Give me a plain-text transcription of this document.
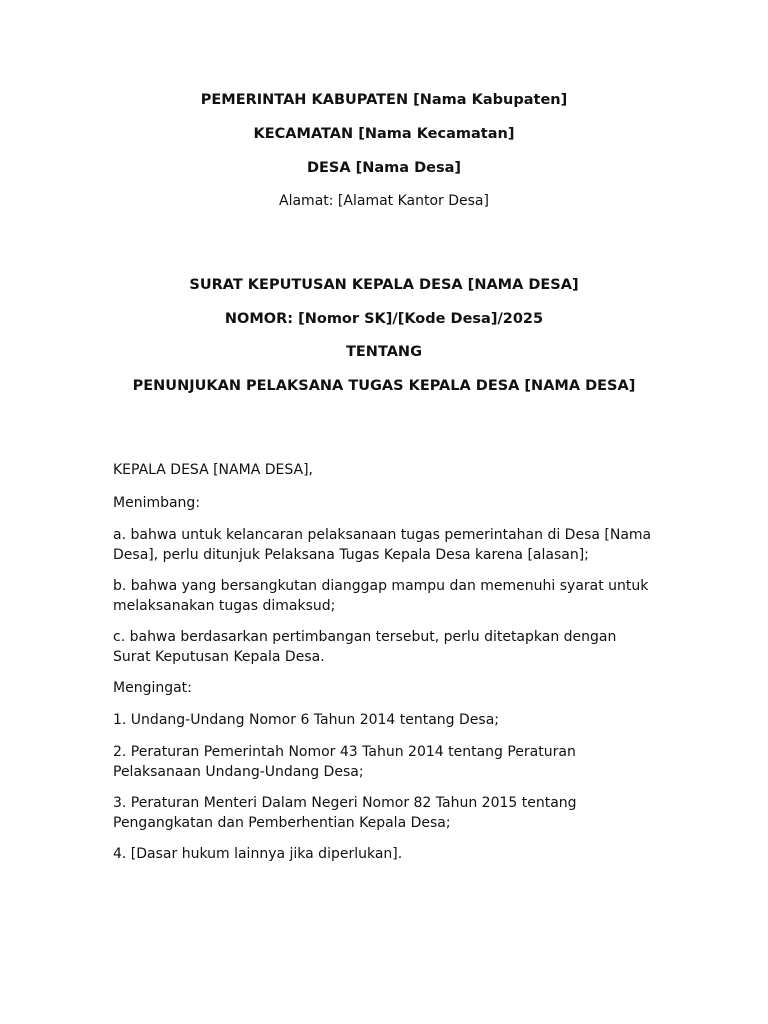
PEMERINTAH KABUPATEN [Nama Kabupaten]
KECAMATAN [Nama Kecamatan]
DESA [Nama Desa]
Alamat: [Alamat Kantor Desa]
SURAT KEPUTUSAN KEPALA DESA [NAMA DESA]
NOMOR: [Nomor SK]/[Kode Desa]/2025
TENTANG
PENUNJUKAN PELAKSANA TUGAS KEPALA DESA [NAMA DESA]
KEPALA DESA [NAMA DESA],
Menimbang:
a. bahwa untuk kelancaran pelaksanaan tugas pemerintahan di Desa [Nama Desa], perlu ditunjuk Pelaksana Tugas Kepala Desa karena [alasan];
b. bahwa yang bersangkutan dianggap mampu dan memenuhi syarat untuk melaksanakan tugas dimaksud;
c. bahwa berdasarkan pertimbangan tersebut, perlu ditetapkan dengan Surat Keputusan Kepala Desa.
Mengingat:
1. Undang-Undang Nomor 6 Tahun 2014 tentang Desa;
2. Peraturan Pemerintah Nomor 43 Tahun 2014 tentang Peraturan Pelaksanaan Undang-Undang Desa;
3. Peraturan Menteri Dalam Negeri Nomor 82 Tahun 2015 tentang Pengangkatan dan Pemberhentian Kepala Desa;
4. [Dasar hukum lainnya jika diperlukan].
